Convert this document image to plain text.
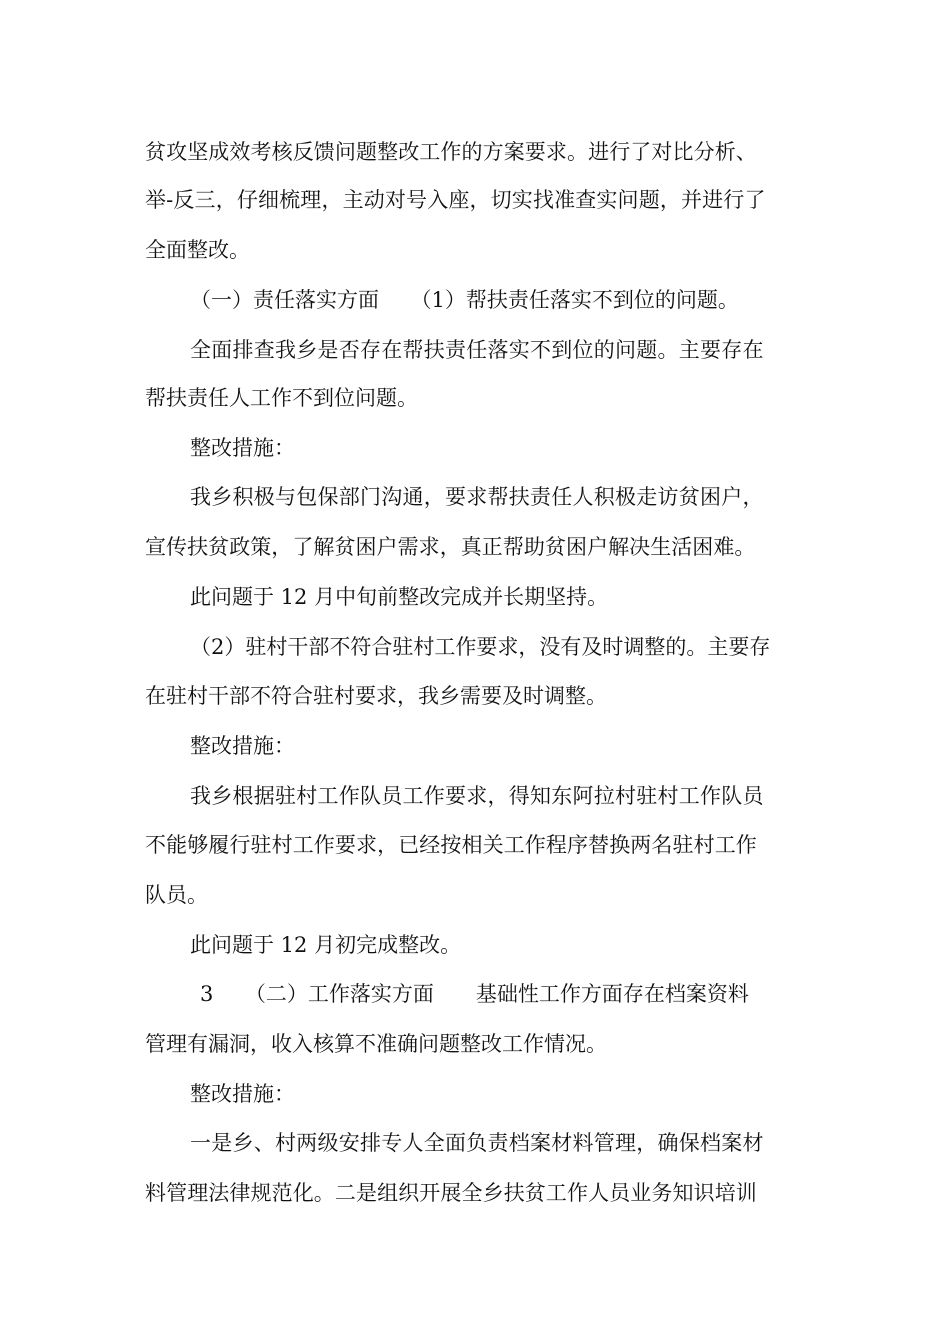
贫攻坚成效考核反馈问题整改工作的方案要求。进行了对比分析、

举-反三，仔细梳理，主动对号入座，切实找准查实问题，并进行了

全面整改。

（一）责任落实方面　　（1）帮扶责任落实不到位的问题。

全面排查我乡是否存在帮扶责任落实不到位的问题。主要存在

帮扶责任人工作不到位问题。

整改措施：

我乡积极与包保部门沟通，要求帮扶责任人积极走访贫困户，

宣传扶贫政策，了解贫困户需求，真正帮助贫困户解决生活困难。

此问题于 12 月中旬前整改完成并长期坚持。

（2）驻村干部不符合驻村工作要求，没有及时调整的。主要存

在驻村干部不符合驻村要求，我乡需要及时调整。

整改措施：

我乡根据驻村工作队员工作要求，得知东阿拉村驻村工作队员

不能够履行驻村工作要求，已经按相关工作程序替换两名驻村工作

队员。

此问题于 12 月初完成整改。

3　　（二）工作落实方面　　基础性工作方面存在档案资料

管理有漏洞，收入核算不准确问题整改工作情况。

整改措施：

一是乡、村两级安排专人全面负责档案材料管理，确保档案材

料管理法律规范化。二是组织开展全乡扶贫工作人员业务知识培训
